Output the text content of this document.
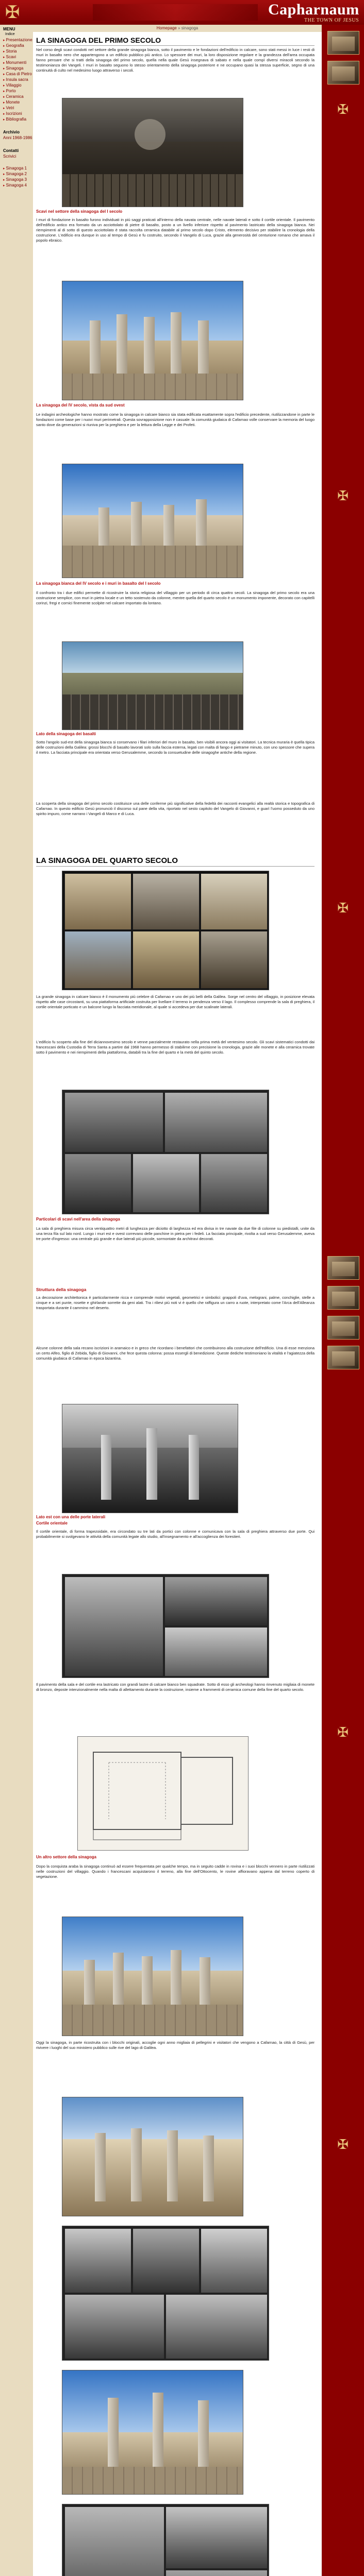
✠	Capharnaum
THE TOWN OF JESUS
MENU
Indice
▸ Presentazione
▸ Geografia
▸ Storia
▸ Scavi
▸ Monumenti
▸ Sinagoga
▸ Casa di Pietro
▸ Insula sacra
▸ Villaggio
▸ Porto
▸ Ceramica
▸ Monete
▸ Vetri
▸ Iscrizioni
▸ Bibliografia
Archivio
Anni 1968-1986
Contatti
Scrivici
▸ Sinagoga 1
▸ Sinagoga 2
▸ Sinagoga 3
▸ Sinagoga 4
Homepage » sinagoga
✠
✠
✠
✠
✠
LA SINAGOGA DEL PRIMO SECOLO

Nel corso degli scavi condotti nel settore della grande sinagoga bianca, sotto il pavimento e le fondazioni dell'edificio in calcare, sono stati messi in luce i resti di muri in basalto nero che appartengono a un edificio pubblico più antico. Lo spessore dei muri, la loro disposizione regolare e la grandezza dell'area occupata fanno pensare che si tratti della sinagoga del primo secolo, quella nella quale Gesù insegnava di sabato e nella quale compì diversi miracoli secondo la testimonianza dei Vangeli. I muri in basalto seguono lo stesso orientamento della sinagoga posteriore e ne occupano quasi la stessa superficie, segno di una continuità di culto nel medesimo luogo attraverso i secoli.

Scavi nel settore della sinagoga del I secolo

I muri di fondazione in basalto furono individuati in più saggi praticati all'interno della navata centrale, nelle navate laterali e sotto il cortile orientale. Il pavimento dell'edificio antico era formato da un acciottolato di pietre di basalto, posto a un livello inferiore rispetto al pavimento lastricato della sinagoga bianca. Nei riempimenti al di sotto di questo acciottolato è stata raccolta ceramica databile al primo secolo dopo Cristo, elemento decisivo per stabilire la cronologia della costruzione. L'edificio era dunque in uso al tempo di Gesù e fu costruito, secondo il Vangelo di Luca, grazie alla generosità del centurione romano che amava il popolo ebraico.

La sinagoga del IV secolo, vista da sud ovest

Le indagini archeologiche hanno mostrato come la sinagoga in calcare bianco sia stata edificata esattamente sopra l'edificio precedente, riutilizzandone in parte le fondazioni come base per i nuovi muri perimetrali. Questa sovrapposizione non è casuale: la comunità giudaica di Cafarnao volle conservare la memoria del luogo santo dove da generazioni si riuniva per la preghiera e per la lettura della Legge e dei Profeti.

La sinagoga bianca del IV secolo e i muri in basalto del I secolo

Il confronto tra i due edifici permette di ricostruire la storia religiosa del villaggio per un periodo di circa quattro secoli. La sinagoga del primo secolo era una costruzione semplice, con muri in pietra locale e un tetto sostenuto da colonne, mentre quella del quarto secolo è un monumento imponente, decorato con capitelli corinzi, fregi e cornici finemente scolpite nel calcare importato da lontano.

Lato della sinagoga dei basalti

Sotto l'angolo sud-est della sinagoga bianca si conservano i filari inferiori del muro in basalto, ben visibili ancora oggi ai visitatori. La tecnica muraria è quella tipica delle costruzioni della Galilea: grossi blocchi di basalto lavorati solo sulla faccia esterna, legati con malta di fango e pietrame minuto, con uno spessore che supera il metro. La facciata principale era orientata verso Gerusalemme, secondo la consuetudine delle sinagoghe antiche della regione.

La scoperta della sinagoga del primo secolo costituisce una delle conferme più significative della fedeltà dei racconti evangelici alla realtà storica e topografica di Cafarnao. In questo edificio Gesù pronunciò il discorso sul pane della vita, riportato nel sesto capitolo del Vangelo di Giovanni, e guarì l'uomo posseduto da uno spirito impuro, come narrano i Vangeli di Marco e di Luca.

LA SINAGOGA DEL QUARTO SECOLO

La grande sinagoga in calcare bianco è il monumento più celebre di Cafarnao e uno dei più belli della Galilea. Sorge nel centro del villaggio, in posizione elevata rispetto alle case circostanti, su una piattaforma artificiale costruita per livellare il terreno in pendenza verso il lago. Il complesso comprende la sala di preghiera, il cortile orientale porticato e un balcone lungo la facciata meridionale, al quale si accedeva per due scalinate laterali.

L'edificio fu scoperto alla fine del diciannovesimo secolo e venne parzialmente restaurato nella prima metà del ventesimo secolo. Gli scavi sistematici condotti dai francescani della Custodia di Terra Santa a partire dal 1968 hanno permesso di stabilirne con precisione la cronologia, grazie alle monete e alla ceramica trovate sotto il pavimento e nei riempimenti della piattaforma, databili tra la fine del quarto e la metà del quinto secolo.

Particolari di scavi nell'area della sinagoga

La sala di preghiera misura circa ventiquattro metri di lunghezza per diciotto di larghezza ed era divisa in tre navate da due file di colonne su piedistalli, unite da una terza fila sul lato nord. Lungo i muri est e ovest correvano delle panchine in pietra per i fedeli. La facciata principale, rivolta a sud verso Gerusalemme, aveva tre porte d'ingresso: una centrale più grande e due laterali più piccole, sormontate da architravi decorati.

Struttura della sinagoga

La decorazione architettonica è particolarmente ricca e comprende motivi vegetali, geometrici e simbolici: grappoli d'uva, melograni, palme, conchiglie, stelle a cinque e a sei punte, rosette e ghirlande sorrette da geni alati. Tra i rilievi più noti vi è quello che raffigura un carro a ruote, interpretato come l'Arca dell'Alleanza trasportata durante il cammino nel deserto.

Alcune colonne della sala recano iscrizioni in aramaico e in greco che ricordano i benefattori che contribuirono alla costruzione dell'edificio. Una di esse menziona un certo Alfeo, figlio di Zebida, figlio di Giovanni, che fece questa colonna: possa essergli di benedizione. Queste dediche testimoniano la vitalità e l'agiatezza della comunità giudaica di Cafarnao in epoca bizantina.

Lato est con una delle porte laterali

Cortile orientale

Il cortile orientale, di forma trapezoidale, era circondato su tre lati da portici con colonne e comunicava con la sala di preghiera attraverso due porte. Qui probabilmente si svolgevano le attività della comunità legate allo studio, all'insegnamento e all'accoglienza dei forestieri.

Il pavimento della sala e del cortile era lastricato con grandi lastre di calcare bianco ben squadrate. Sotto di esso gli archeologi hanno rinvenuto migliaia di monete di bronzo, deposte intenzionalmente nella malta di allettamento durante la costruzione, insieme a frammenti di ceramica comune della fine del quarto secolo.

Un altro settore della sinagoga

Dopo la conquista araba la sinagoga continuò ad essere frequentata per qualche tempo, ma in seguito cadde in rovina e i suoi blocchi vennero in parte riutilizzati nelle costruzioni del villaggio. Quando i francescani acquistarono il terreno, alla fine dell'Ottocento, le rovine affioravano appena dal terreno coperto di vegetazione.

Oggi la sinagoga, in parte ricostruita con i blocchi originali, accoglie ogni anno migliaia di pellegrini e visitatori che vengono a Cafarnao, la città di Gesù, per rivivere i luoghi del suo ministero pubblico sulle rive del lago di Galilea.
